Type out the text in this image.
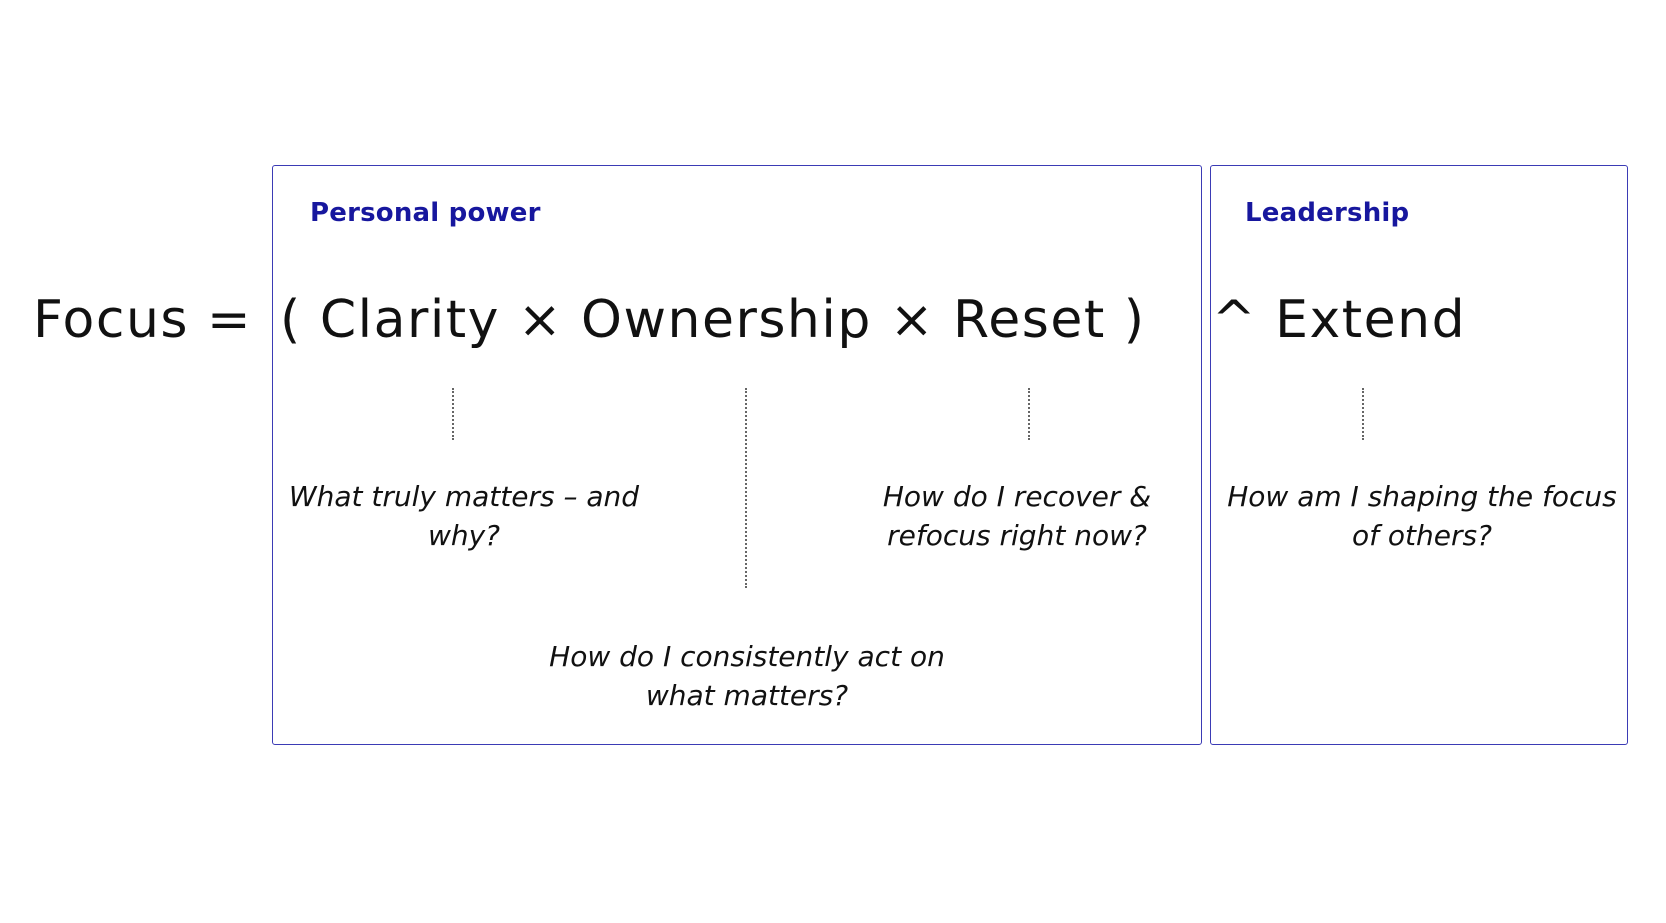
Personal power	Leadership
Focus = ( Clarity × Ownership × Reset ) ^ Extend
What truly matters – and why?
How do I recover & refocus right now?
How do I consistently act on what matters?
How am I shaping the focus of others?
